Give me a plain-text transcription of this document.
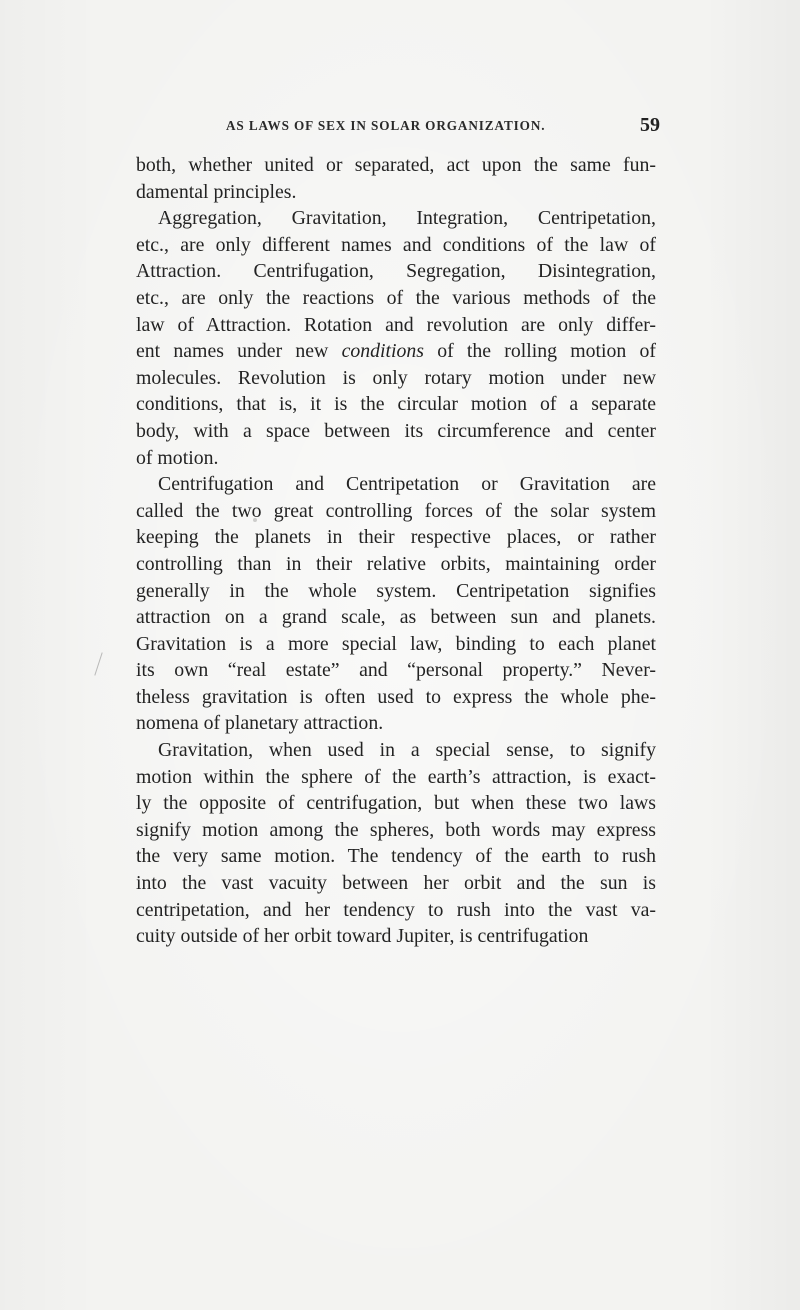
AS LAWS OF SEX IN SOLAR ORGANIZATION.	59
both, whether united or separated, act upon the same fun-
damental principles.
Aggregation, Gravitation, Integration, Centripetation,
etc., are only different names and conditions of the law of
Attraction. Centrifugation, Segregation, Disintegration,
etc., are only the reactions of the various methods of the
law of Attraction. Rotation and revolution are only differ-
ent names under new conditions of the rolling motion of
molecules. Revolution is only rotary motion under new
conditions, that is, it is the circular motion of a separate
body, with a space between its circumference and center
of motion.
Centrifugation and Centripetation or Gravitation are
called the two great controlling forces of the solar system
keeping the planets in their respective places, or rather
controlling than in their relative orbits, maintaining order
generally in the whole system. Centripetation signifies
attraction on a grand scale, as between sun and planets.
Gravitation is a more special law, binding to each planet
its own “real estate” and “personal property.” Never-
theless gravitation is often used to express the whole phe-
nomena of planetary attraction.
Gravitation, when used in a special sense, to signify
motion within the sphere of the earth’s attraction, is exact-
ly the opposite of centrifugation, but when these two laws
signify motion among the spheres, both words may express
the very same motion. The tendency of the earth to rush
into the vast vacuity between her orbit and the sun is
centripetation, and her tendency to rush into the vast va-
cuity outside of her orbit toward Jupiter, is centrifugation
